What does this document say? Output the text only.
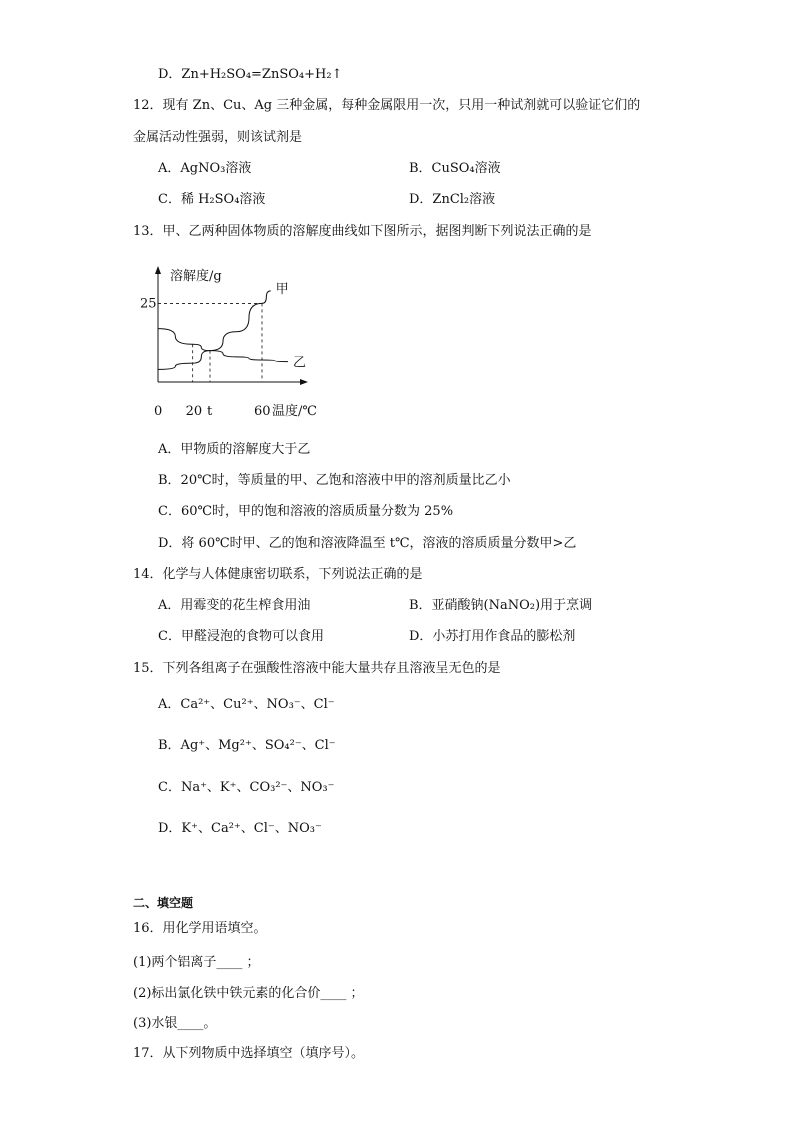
D．Zn+H₂SO₄=ZnSO₄+H₂↑
12．现有 Zn、Cu、Ag 三种金属，每种金属限用一次，只用一种试剂就可以验证它们的
金属活动性强弱，则该试剂是
A．AgNO₃溶液	B．CuSO₄溶液
C．稀 H₂SO₄溶液	D．ZnCl₂溶液
13．甲、乙两种固体物质的溶解度曲线如下图所示，据图判断下列说法正确的是
甲
乙
溶解度/g
25
0 20 t	60 温度/℃
A．甲物质的溶解度大于乙
B．20℃时，等质量的甲、乙饱和溶液中甲的溶剂质量比乙小
C．60℃时，甲的饱和溶液的溶质质量分数为 25%
D．将 60℃时甲、乙的饱和溶液降温至 t℃，溶液的溶质质量分数甲>乙
14．化学与人体健康密切联系，下列说法正确的是
A．用霉变的花生榨食用油	B．亚硝酸钠(NaNO₂)用于烹调
C．甲醛浸泡的食物可以食用	D．小苏打用作食品的膨松剂
15．下列各组离子在强酸性溶液中能大量共存且溶液呈无色的是
A．Ca²⁺、Cu²⁺、NO₃⁻、Cl⁻
B．Ag⁺、Mg²⁺、SO₄²⁻、Cl⁻
C．Na⁺、K⁺、CO₃²⁻、NO₃⁻
D．K⁺、Ca²⁺、Cl⁻、NO₃⁻
二、填空题
16．用化学用语填空。
(1)两个铝离子____ ；
(2)标出氯化铁中铁元素的化合价____ ；
(3)水银____。
17．从下列物质中选择填空（填序号）。
